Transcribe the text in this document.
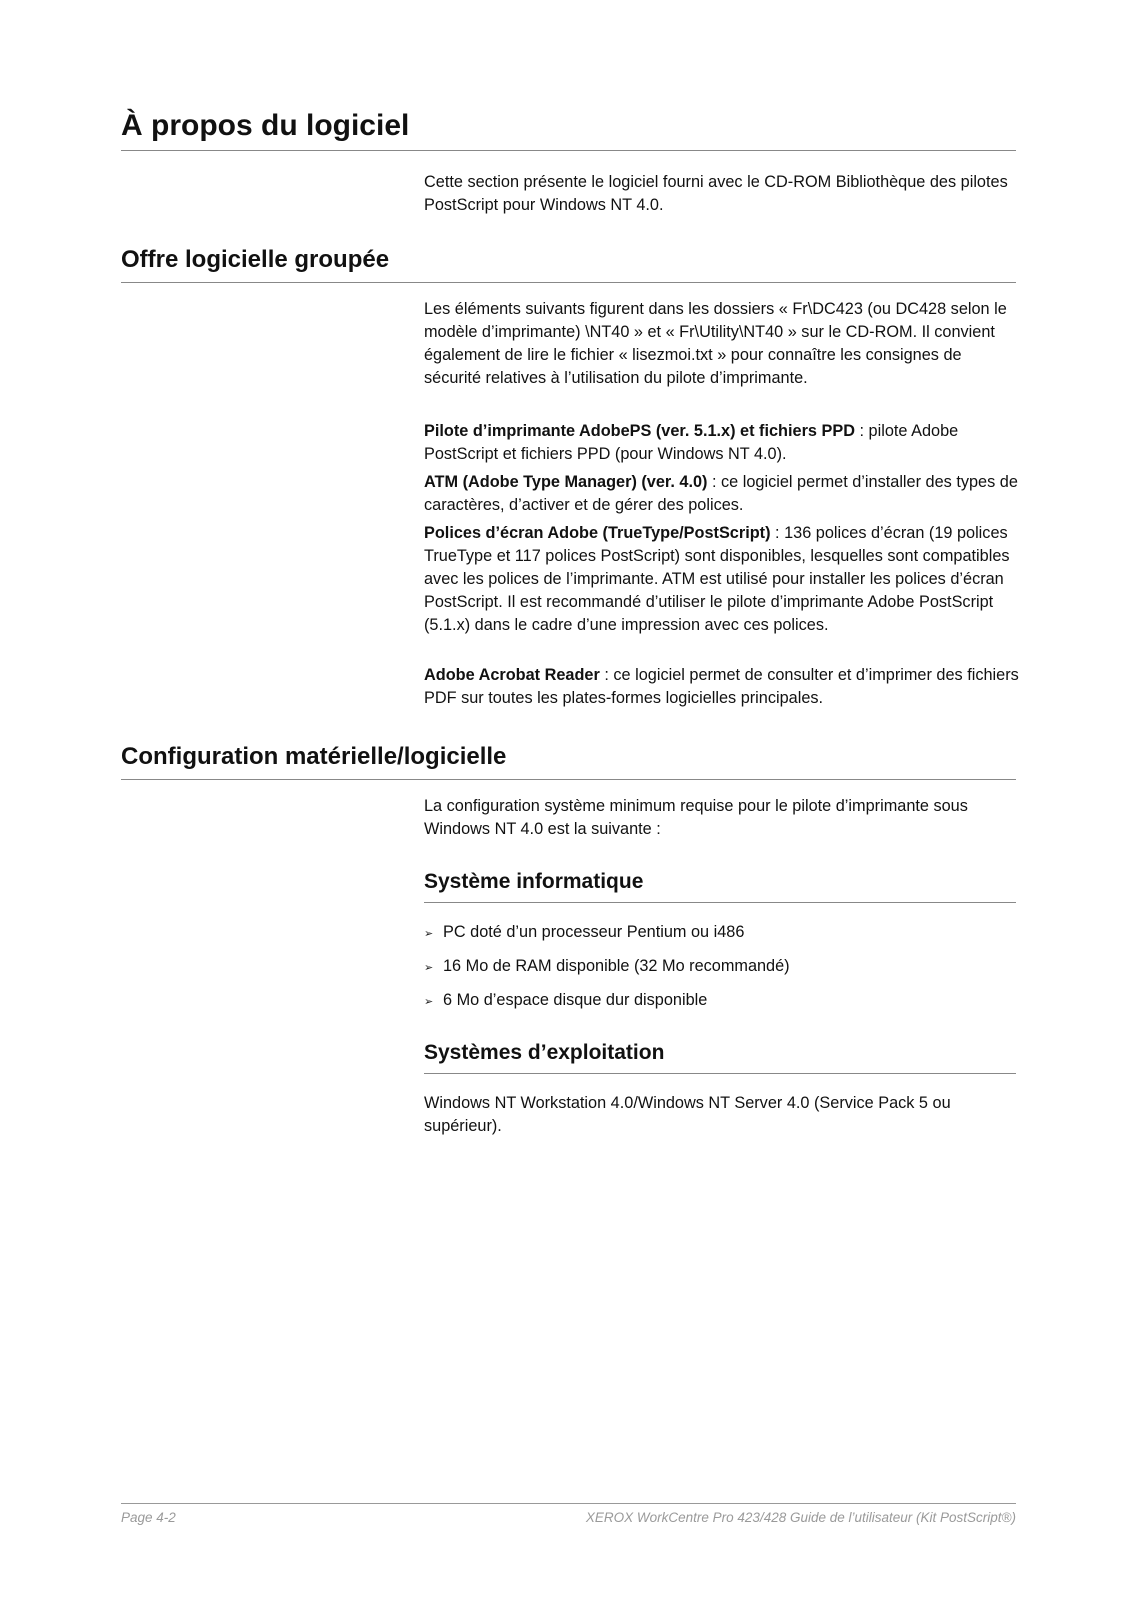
À propos du logiciel

Cette section présente le logiciel fourni avec le CD-ROM Bibliothèque des pilotes PostScript pour Windows NT 4.0.

Offre logicielle groupée

Les éléments suivants figurent dans les dossiers « Fr\DC423 (ou DC428 selon le modèle d’imprimante) \NT40 » et « Fr\Utility\NT40 » sur le CD-ROM. Il convient également de lire le fichier « lisezmoi.txt » pour connaître les consignes de sécurité relatives à l’utilisation du pilote d’imprimante.

Pilote d’imprimante AdobePS (ver. 5.1.x) et fichiers PPD : pilote Adobe PostScript et fichiers PPD (pour Windows NT 4.0).

ATM (Adobe Type Manager) (ver. 4.0) : ce logiciel permet d’installer des types de caractères, d’activer et de gérer des polices.

Polices d’écran Adobe (TrueType/PostScript) : 136 polices d’écran (19 polices TrueType et 117 polices PostScript) sont disponibles, lesquelles sont compatibles avec les polices de l’imprimante. ATM est utilisé pour installer les polices d’écran PostScript. Il est recommandé d’utiliser le pilote d’imprimante Adobe PostScript (5.1.x) dans le cadre d’une impression avec ces polices.

Adobe Acrobat Reader : ce logiciel permet de consulter et d’imprimer des fichiers PDF sur toutes les plates-formes logicielles principales.

Configuration matérielle/logicielle

La configuration système minimum requise pour le pilote d’imprimante sous Windows NT 4.0 est la suivante :

Système informatique
➢ PC doté d’un processeur Pentium ou i486
➢ 16 Mo de RAM disponible (32 Mo recommandé)
➢ 6 Mo d’espace disque dur disponible
Systèmes d’exploitation

Windows NT Workstation 4.0/Windows NT Server 4.0 (Service Pack 5 ou supérieur).

Page 4-2	XEROX WorkCentre Pro 423/428 Guide de l’utilisateur (Kit PostScript®)
